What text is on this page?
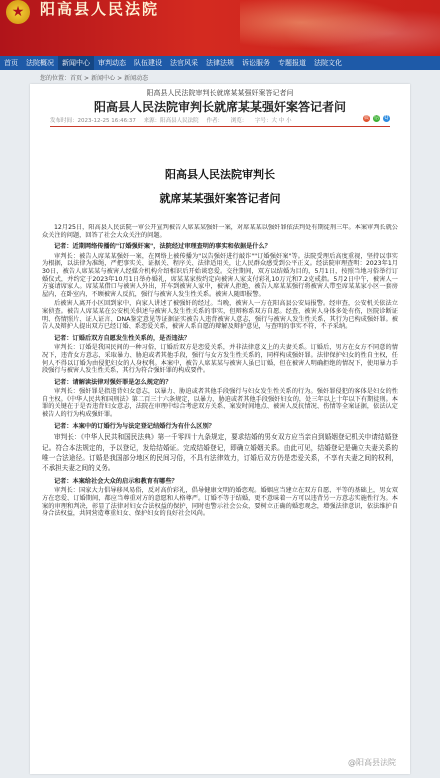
★	阳高县人民法院
首页	法院概况	新闻中心	审判动态	队伍建设	法官风采	法律法规	诉讼服务	专题报道	法院文化
您的位置：首页 > 新闻中心 > 新闻动态
阳高县人民法院审判长就席某某强奸案答记者问
阳高县人民法院审判长就席某某强奸案答记者问
发布时间：2023-12-25 16:46:37 来源：阳高县人民法院 作者： 浏览： 字号：大 中 小	微 信	Q
阳高县人民法院审判长
就席某某强奸案答记者问

12月25日，阳高县人民法院一审公开宣判被告人席某某强奸一案，对席某某以强奸罪依法判处有期徒刑三年。本案审判长就公众关注的问题，回答了社会大众关注的问题。

记者：近期网络传播的"订婚强奸案"，法院经过审理查明的事实和依据是什么？

审判长：被告人席某某强奸一案，在网络上被传播为"以告强奸进行敲诈""订婚强奸案"等。法院受理后高度重视，坚持以事实为根据，以法律为准绳，严把事实关、证据关、程序关、法律适用关，让人民群众感受到公平正义。经法院审理查明：2023年1月30日，被告人席某某与被害人经媒介机构介绍相识后开始谈恋爱。交往期间，双方以结婚为目的，5月1日，按照当地习俗举行订婚仪式，并约定于2023年10月1日举办婚礼，席某某家按约定向被害人家支付彩礼10万元和7.2克戒指。5月2日中午，被害人一方宴请席家人。席某某借口与被害人外出，开车到被害人家中，被害人拒绝，被告人席某某强行将被害人带至席某某家小区一套房屋内，在卧室内，不顾被害人反抗，强行与被害人发生性关系。被害人随即报警。

后被害人离开小区回到家中，向家人讲述了被强奸的经过。当晚，被害人一方在阳高县公安局报警。经审查，公安机关依法立案侦查。被告人席某某在公安机关供述与被害人发生性关系的事实，但辩称系双方自愿。经查，被害人身体多处有伤，医院诊断证明、伤情照片、证人证言、DNA鉴定意见等证据证实被告人违背被害人意志，强行与被害人发生性关系，其行为已构成强奸罪。被告人及辩护人提出双方已经订婚、系恋爱关系，被害人系自愿的辩解及辩护意见，与查明的事实不符，不予采纳。

记者：订婚后双方自愿发生性关系的，是否违法？

审判长：订婚是我国民间的一种习俗，订婚后双方是恋爱关系，并非法律意义上的夫妻关系。订婚后，男方在女方不同意的情况下，违背女方意志，采取暴力、胁迫或者其他手段，强行与女方发生性关系的，同样构成强奸罪。法律保护妇女的性自主权，任何人不得以订婚为由侵犯妇女的人身权利。本案中，被告人席某某与被害人虽已订婚，但在被害人明确拒绝的情况下，使用暴力手段强行与被害人发生性关系，其行为符合强奸罪的构成要件。

记者：请解读法律对强奸罪是怎么规定的？

审判长：强奸罪是指违背妇女意志，以暴力、胁迫或者其他手段强行与妇女发生性关系的行为。强奸罪侵犯的客体是妇女的性自主权。《中华人民共和国刑法》第二百三十六条规定，以暴力、胁迫或者其他手段强奸妇女的，处三年以上十年以下有期徒刑。本罪的关键在于是否违背妇女意志，法院在审理中综合考虑双方关系、案发时间地点、被害人反抗情况、伤情等全案证据，依法认定被告人的行为构成强奸罪。

记者：本案中的订婚行为与法定登记结婚行为有什么区别？

审判长：《中华人民共和国民法典》第一千零四十九条规定，要求结婚的男女双方应当亲自到婚姻登记机关申请结婚登记。符合本法规定的，予以登记，发给结婚证。完成结婚登记，即确立婚姻关系。由此可见，结婚登记是确立夫妻关系的唯一合法途径。订婚是我国部分地区的民间习俗，不具有法律效力，订婚后双方仍是恋爱关系，不享有夫妻之间的权利，不承担夫妻之间的义务。

记者：本案给社会大众的启示和教育有哪些？

审判长：国家大力倡导移风易俗，反对高价彩礼，倡导健康文明的婚恋观。婚姻应当建立在双方自愿、平等的基础上，男女双方在恋爱、订婚期间，都应当尊重对方的意愿和人格尊严。订婚不等于结婚，更不意味着一方可以违背另一方意志实施性行为。本案的审理和判决，彰显了法律对妇女合法权益的保护，同时也警示社会公众，要树立正确的婚恋观念，增强法律意识，依法维护自身合法权益，共同营造尊重妇女、保护妇女的良好社会风尚。

@阳高县法院
